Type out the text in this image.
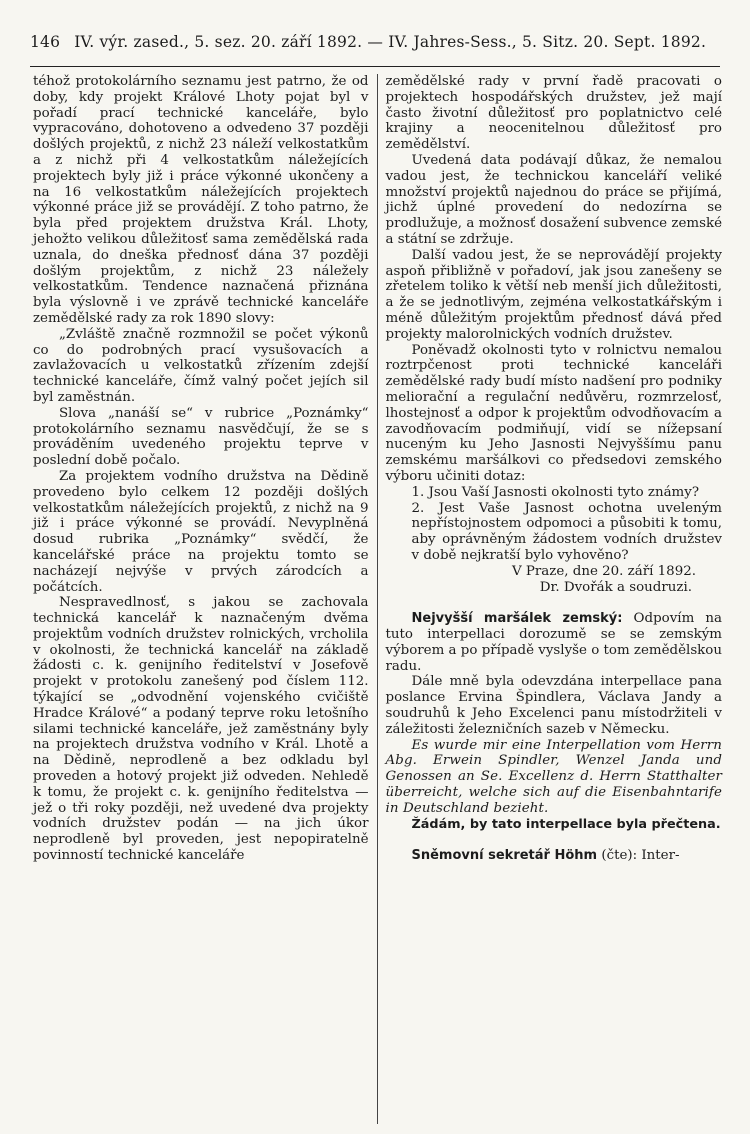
146 IV. výr. zased., 5. sez. 20. září 1892. — IV. Jahres-Sess., 5. Sitz. 20. Sept. 1892.

téhož protokolárního seznamu jest patrno, že od doby, kdy projekt Králové Lhoty pojat byl v pořadí prací technické kanceláře, bylo vypracováno, dohotoveno a odvedeno 37 později došlých projektů, z nichž 23 náleží velkostatkům a z nichž při 4 velkostatkům náležejících projektech byly již i práce výkonné ukončeny a na 16 velkostatkům náležejících projektech výkonné práce již se provádějí. Z toho patrno, že byla před projektem družstva Král. Lhoty, jehožto velikou důležitosť sama zemědělská rada uznala, do dneška přednosť dána 37 později došlým projektům, z nichž 23 náležely velkostatkům. Tendence naznačená přiznána byla výslovně i ve zprávě technické kanceláře zemědělské rady za rok 1890 slovy:

„Zvláště značně rozmnožil se počet výkonů co do podrobných prací vysušovacích a zavlažovacích u velkostatků zřízením zdejší technické kanceláře, čímž valný počet jejích sil byl zaměstnán.

Slova „nanáší se“ v rubrice „Poznámky“ protokolárního seznamu nasvědčují, že se s prováděním uvedeného projektu teprve v poslední době počalo.

Za projektem vodního družstva na Dědině provedeno bylo celkem 12 později došlých velkostatkům náležejících projektů, z nichž na 9 již i práce výkonné se provádí. Nevyplněná dosud rubrika „Poznámky“ svědčí, že kancelářské práce na projektu tomto se nacházejí nejvýše v prvých zárodcích a počátcích.

Nespravedlnosť, s jakou se zachovala technická kancelář k naznačeným dvěma projektům vodních družstev rolnických, vrcholila v okolnosti, že technická kancelář na základě žádosti c. k. genijního ředitelství v Josefově projekt v protokolu zanešený pod číslem 112. týkající se „odvodnění vojenského cvičiště Hradce Králové“ a podaný teprve roku letošního silami technické kanceláře, jež zaměstnány byly na projektech družstva vodního v Král. Lhotě a na Dědině, neprodleně a bez odkladu byl proveden a hotový projekt již odveden. Nehledě k tomu, že projekt c. k. genijního ředitelstva — jež o tři roky později, než uvedené dva projekty vodních družstev podán — na jich úkor neprodleně byl proveden, jest nepopiratelně povinností technické kanceláře

zemědělské rady v první řadě pracovati o projektech hospodářských družstev, jež mají často životní důležitosť pro poplatnictvo celé krajiny a neocenitelnou důležitosť pro zemědělství.

Uvedená data podávají důkaz, že nemalou vadou jest, že technickou kanceláří veliké množství projektů najednou do práce se přijímá, jichž úplné provedení do nedozírna se prodlužuje, a možnosť dosažení subvence zemské a státní se zdržuje.

Další vadou jest, že se neprovádějí projekty aspoň přibližně v pořadoví, jak jsou zanešeny se zřetelem toliko k větší neb menší jich důležitosti, a že se jednotlivým, zejména velkostatkářským i méně důležitým projektům přednosť dává před projekty malorolnických vodních družstev.

Poněvadž okolnosti tyto v rolnictvu nemalou roztrpčenost proti technické kanceláři zemědělské rady budí místo nadšení pro podniky meliorační a regulační nedůvěru, rozmrzelosť, lhostejnosť a odpor k projektům odvodňovacím a zavodňovacím podmiňují, vidí se nížepsaní nuceným ku Jeho Jasnosti Nejvyššímu panu zemskému maršálkovi co předsedovi zemského výboru učiniti dotaz:

1. Jsou Vaší Jasnosti okolnosti tyto známy?

2. Jest Vaše Jasnost ochotna uveleným nepřístojnostem odpomoci a působiti k tomu, aby oprávněným žádostem vodních družstev v době nejkratší bylo vyhověno?

V Praze, dne 20. září 1892.

Dr. Dvořák a soudruzi.

Nejvyšší maršálek zemský: Odpovím na tuto interpellaci dorozumě se se zemským výborem a po případě vyslyše o tom zemědělskou radu.

Dále mně byla odevzdána interpellace pana poslance Ervina Špindlera, Václava Jandy a soudruhů k Jeho Excelenci panu místodržiteli v záležitosti železničních sazeb v Německu.

Es wurde mir eine Interpellation vom Herrn Abg. Erwein Spindler, Wenzel Janda und Genossen an Se. Excellenz d. Herrn Statthalter überreicht, welche sich auf die Eisenbahntarife in Deutschland bezieht.

Žádám, by tato interpellace byla přečtena.

Sněmovní sekretář Höhm (čte): Inter-
